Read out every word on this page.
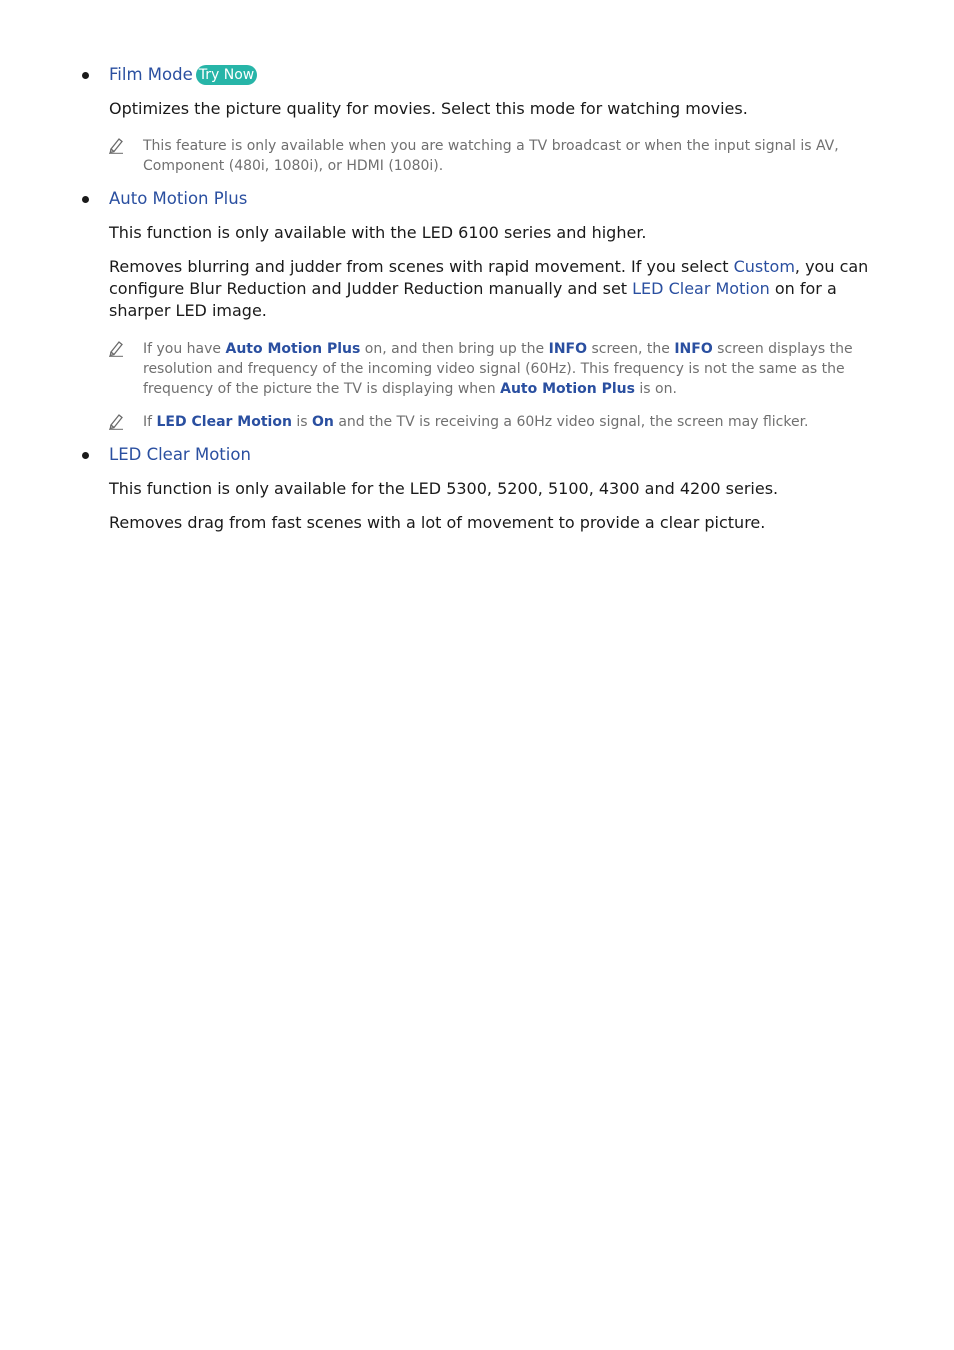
Film Mode Try Now
Optimizes the picture quality for movies. Select this mode for watching movies.
This feature is only available when you are watching a TV broadcast or when the input signal is AV, Component (480i, 1080i), or HDMI (1080i).
Auto Motion Plus
This function is only available with the LED 6100 series and higher.
Removes blurring and judder from scenes with rapid movement. If you select Custom, you can configure Blur Reduction and Judder Reduction manually and set LED Clear Motion on for a sharper LED image.
If you have Auto Motion Plus on, and then bring up the INFO screen, the INFO screen displays the resolution and frequency of the incoming video signal (60Hz). This frequency is not the same as the frequency of the picture the TV is displaying when Auto Motion Plus is on.
If LED Clear Motion is On and the TV is receiving a 60Hz video signal, the screen may flicker.
LED Clear Motion
This function is only available for the LED 5300, 5200, 5100, 4300 and 4200 series.
Removes drag from fast scenes with a lot of movement to provide a clear picture.
